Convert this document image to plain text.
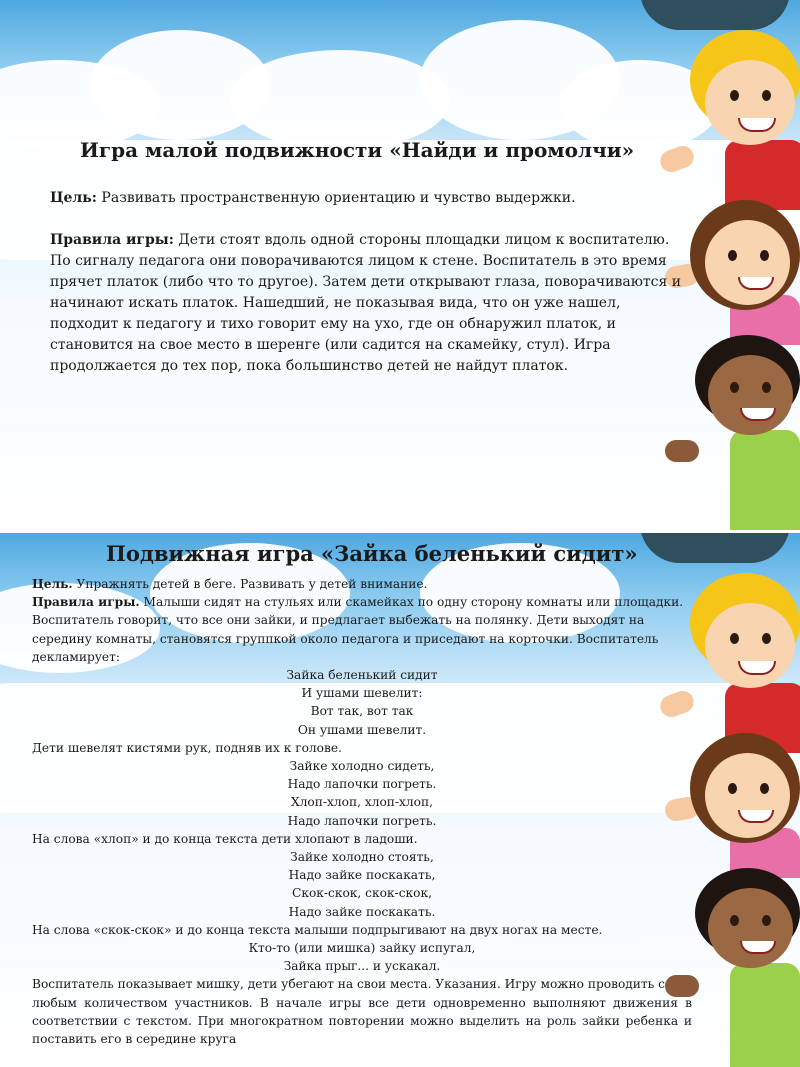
Игра малой подвижности «Найди и промолчи»
Цель: Развивать пространственную ориентацию и чувство выдержки.
Правила игры: Дети стоят вдоль одной стороны площадки лицом к воспитателю.
По сигналу педагога они поворачиваются лицом к стене. Воспитатель в это время
прячет платок (либо что то другое). Затем дети открывают глаза, поворачиваются и
начинают искать платок. Нашедший, не показывая вида, что он уже нашел,
подходит к педагогу и тихо говорит ему на ухо, где он обнаружил платок, и
становится на свое место в шеренге (или садится на скамейку, стул). Игра
продолжается до тех пор, пока большинство детей не найдут платок.
Подвижная игра «Зайка беленький сидит»
Цель. Упражнять детей в беге. Развивать у детей внимание.
Правила игры. Малыши сидят на стульях или скамейках по одну сторону комнаты или площадки.
Воспитатель говорит, что все они зайки, и предлагает выбежать на полянку. Дети выходят на
середину комнаты, становятся группкой около педагога и приседают на корточки. Воспитатель
декламирует:
Зайка беленький сидит
И ушами шевелит:
Вот так, вот так
Он ушами шевелит.
Дети шевелят кистями рук, подняв их к голове.
Зайке холодно сидеть,
Надо лапочки погреть.
Хлоп-хлоп, хлоп-хлоп,
Надо лапочки погреть.
На слова «хлоп» и до конца текста дети хлопают в ладоши.
Зайке холодно стоять,
Надо зайке поскакать,
Скок-скок, скок-скок,
Надо зайке поскакать.
На слова «скок-скок» и до конца текста малыши подпрыгивают на двух ногах на месте.
Кто-то (или мишка) зайку испугал,
Зайка прыг... и ускакал.
Воспитатель показывает мишку, дети убегают на свои места. Указания. Игру можно проводить с
любым количеством участников. В начале игры все дети одновременно выполняют движения в
соответствии с текстом. При многократном повторении можно выделить на роль зайки ребенка и
поставить его в середине круга
